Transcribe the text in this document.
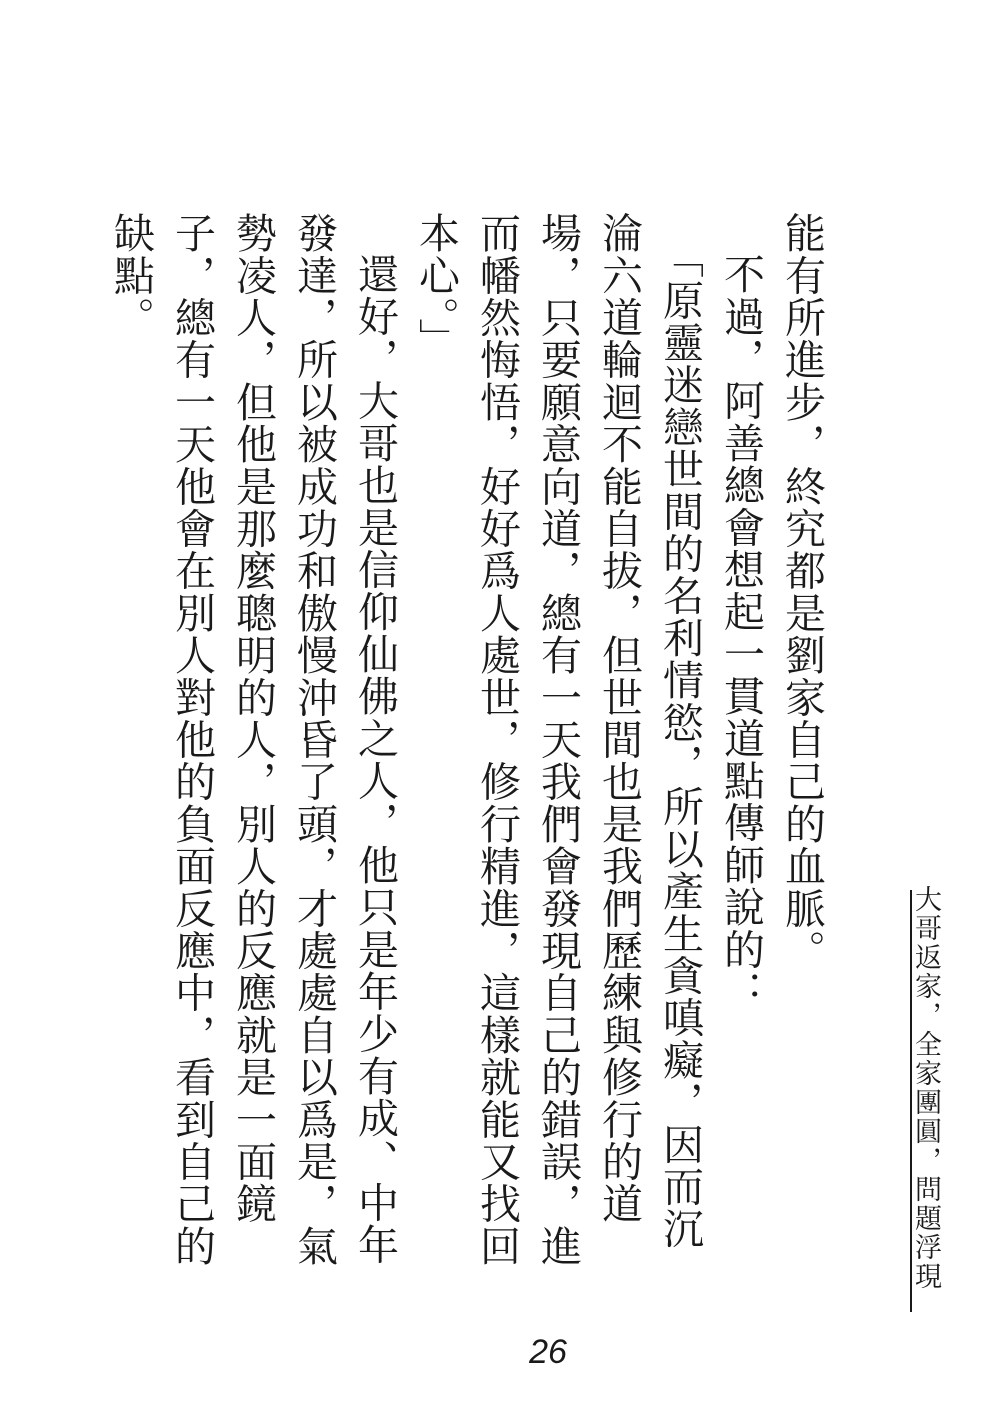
能有所進步，終究都是劉家自己的血脈。

不過，阿善總會想起一貫道點傳師說的：

「原靈迷戀世間的名利情慾，所以產生貪嗔癡，因而沉淪六道輪迴不能自拔，但世間也是我們歷練與修行的道場，只要願意向道，總有一天我們會發現自己的錯誤，進而幡然悔悟，好好爲人處世，修行精進，這樣就能又找回本心。」

還好，大哥也是信仰仙佛之人，他只是年少有成、中年發達，所以被成功和傲慢沖昏了頭，才處處自以爲是，氣勢凌人，但他是那麼聰明的人，別人的反應就是一面鏡子，總有一天他會在別人對他的負面反應中，看到自己的缺點。

大哥返家，全家團圓，問題浮現
26
